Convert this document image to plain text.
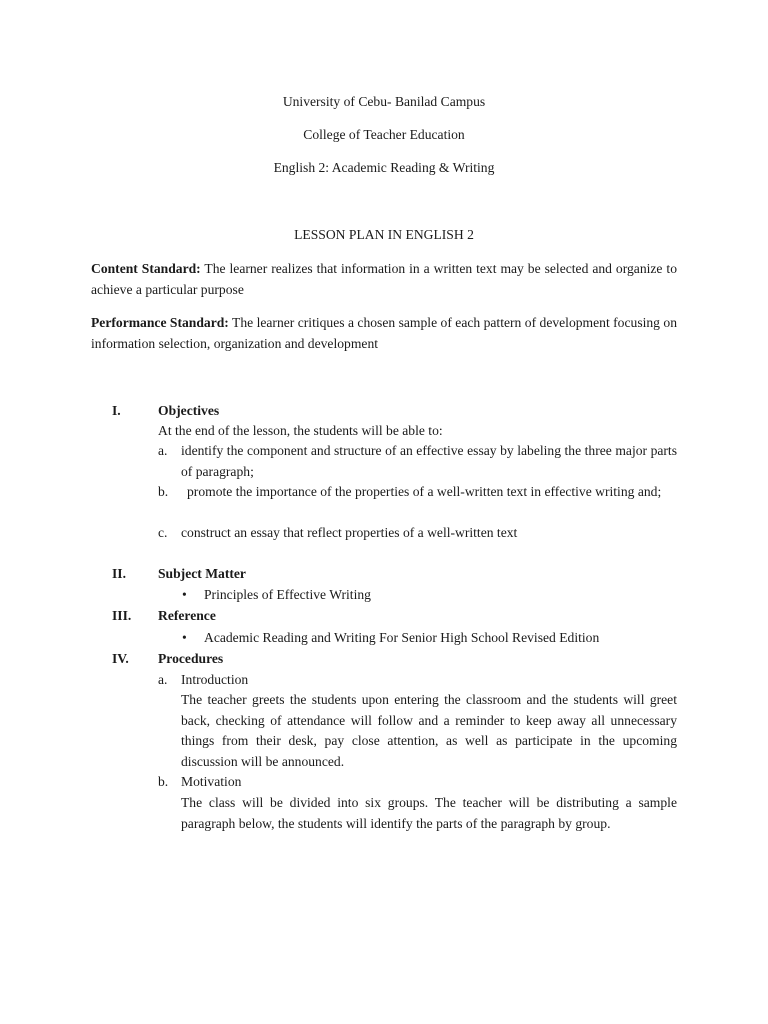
University of Cebu- Banilad Campus
College of Teacher Education
English 2: Academic Reading & Writing
LESSON PLAN IN ENGLISH 2
Content Standard: The learner realizes that information in a written text may be selected and organize to achieve a particular purpose
Performance Standard: The learner critiques a chosen sample of each pattern of development focusing on information selection, organization and development
I.	Objectives
At the end of the lesson, the students will be able to:
a. identify the component and structure of an effective essay by labeling the three major parts of paragraph;
b.	promote the importance of the properties of a well-written text in effective writing and;
c. construct an essay that reflect properties of a well-written text
II. Subject Matter
• Principles of Effective Writing
III. Reference
• Academic Reading and Writing For Senior High School Revised Edition
IV. Procedures
a. Introduction
The teacher greets the students upon entering the classroom and the students will greet back, checking of attendance will follow and a reminder to keep away all unnecessary things from their desk, pay close attention, as well as participate in the upcoming discussion will be announced.
b. Motivation
The class will be divided into six groups. The teacher will be distributing a sample paragraph below, the students will identify the parts of the paragraph by group.
